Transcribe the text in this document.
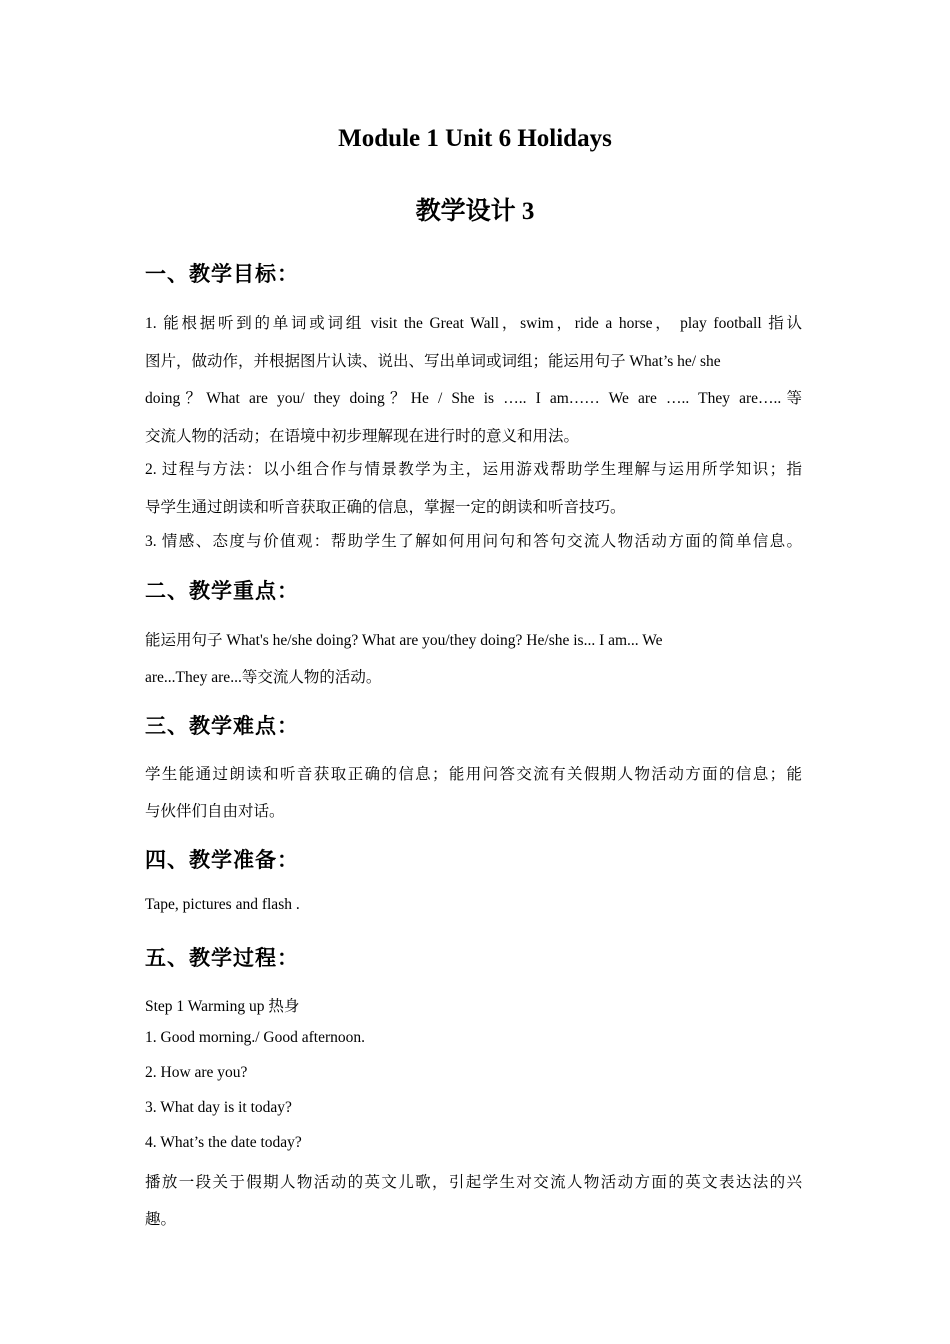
Module 1 Unit 6 Holidays
教学设计 3
一、教学目标：
1. 能根据听到的单词或词组 visit the Great Wall，swim，ride a horse， play football 指认
图片，做动作，并根据图片认读、说出、写出单词或词组；能运用句子 What’s he/ she
doing？What are you/ they doing？He / She is ….. I am…… We are ….. They are…..等
交流人物的活动；在语境中初步理解现在进行时的意义和用法。
2. 过程与方法：以小组合作与情景教学为主，运用游戏帮助学生理解与运用所学知识；指
导学生通过朗读和听音获取正确的信息，掌握一定的朗读和听音技巧。
3. 情感、态度与价值观：帮助学生了解如何用问句和答句交流人物活动方面的简单信息。
二、教学重点：
能运用句子 What's he/she doing? What are you/they doing? He/she is... I am... We
are...They are...等交流人物的活动。
三、教学难点：
学生能通过朗读和听音获取正确的信息；能用问答交流有关假期人物活动方面的信息；能
与伙伴们自由对话。
四、教学准备：
Tape, pictures and flash .
五、教学过程：
Step 1 Warming up 热身
1. Good morning./ Good afternoon.
2. How are you?
3. What day is it today?
4. What’s the date today?
播放一段关于假期人物活动的英文儿歌，引起学生对交流人物活动方面的英文表达法的兴
趣。
